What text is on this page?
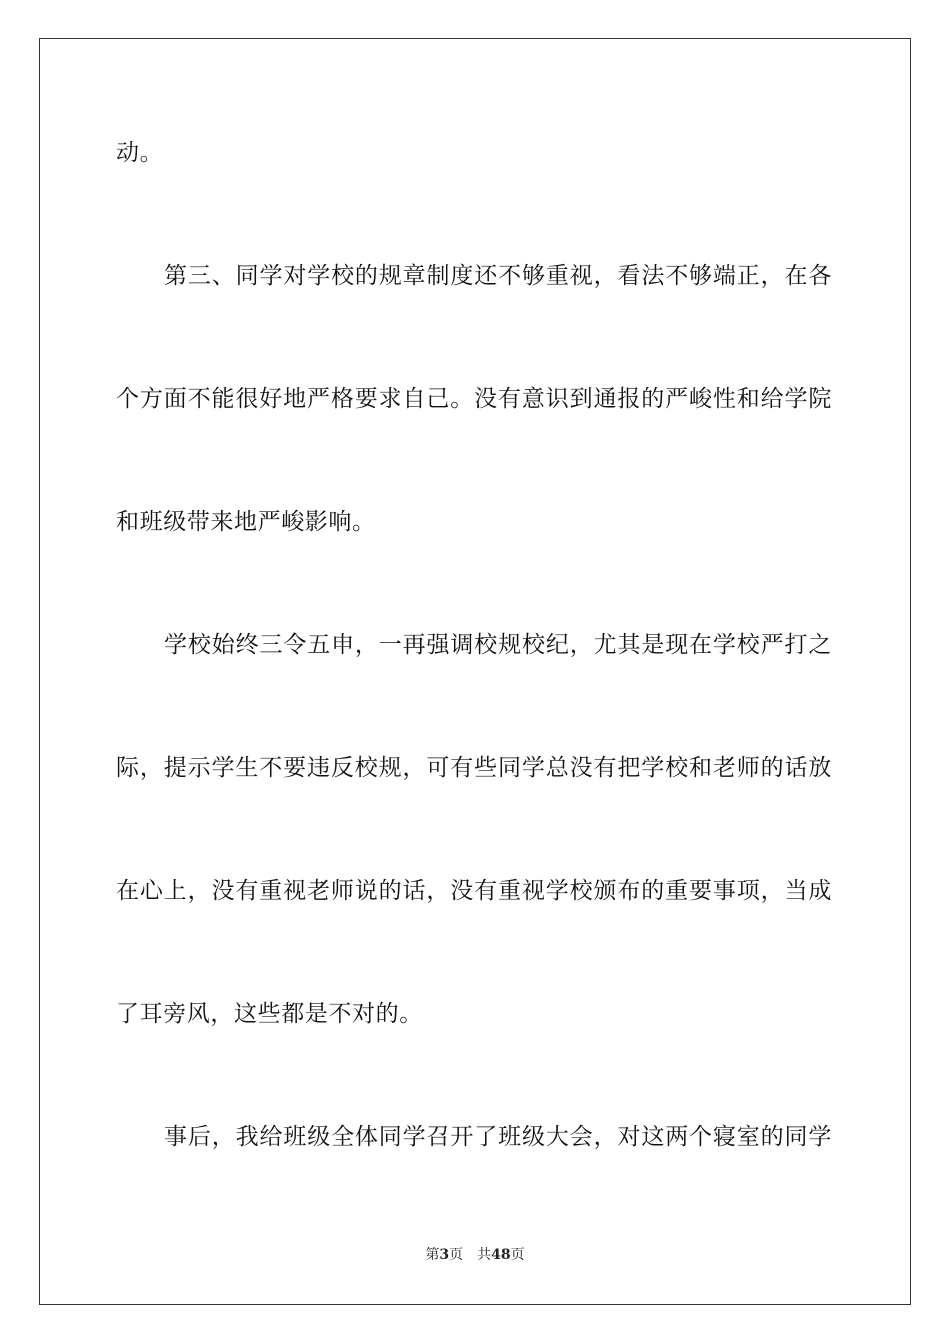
动。
第三、同学对学校的规章制度还不够重视，看法不够端正，在各
个方面不能很好地严格要求自己。没有意识到通报的严峻性和给学院
和班级带来地严峻影响。
学校始终三令五申，一再强调校规校纪，尤其是现在学校严打之
际，提示学生不要违反校规，可有些同学总没有把学校和老师的话放
在心上，没有重视老师说的话，没有重视学校颁布的重要事项，当成
了耳旁风，这些都是不对的。
事后，我给班级全体同学召开了班级大会，对这两个寝室的同学
第3页 共48页
